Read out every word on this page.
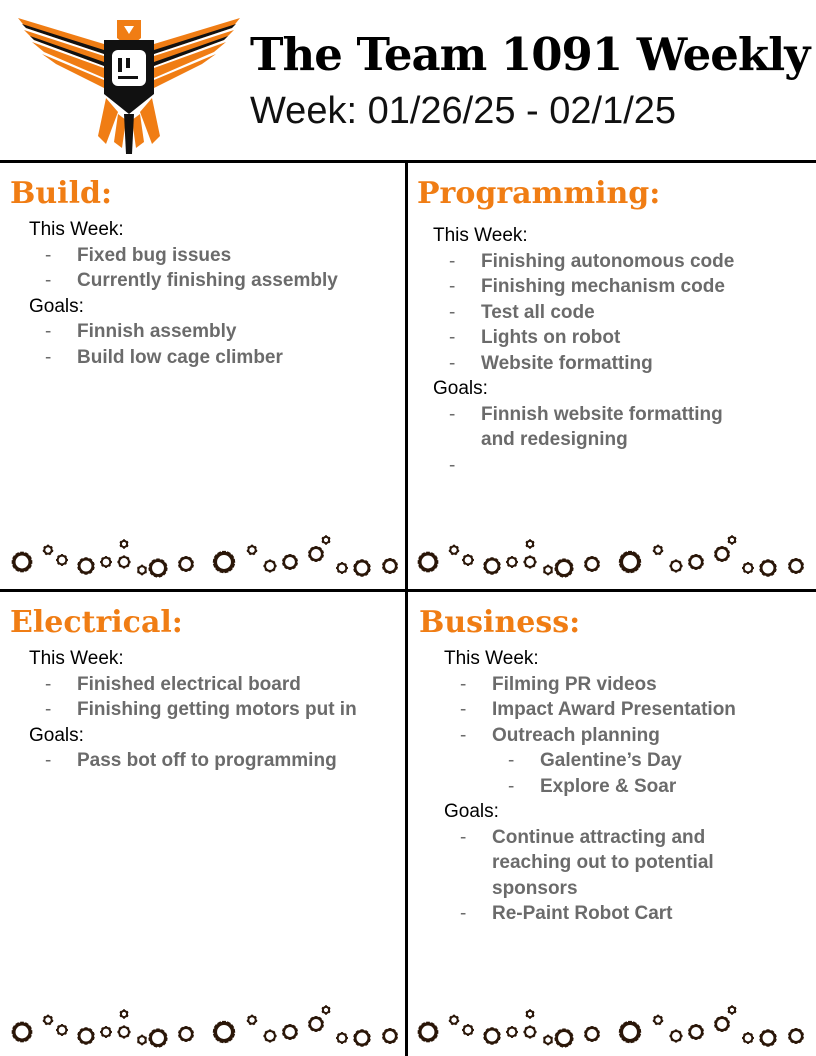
The Team 1091 Weekly
Week: 01/26/25 - 02/1/25
Build:

This Week:

- Fixed bug issues
- Currently finishing assembly

Goals:

- Finnish assembly
- Build low cage climber
Programming:

This Week:

- Finishing autonomous code
- Finishing mechanism code
- Test all code
- Lights on robot
- Website formatting

Goals:

- Finnish website formatting and redesigning
-
Electrical:

This Week:

- Finished electrical board
- Finishing getting motors put in

Goals:

- Pass bot off to programming
Business:

This Week:

- Filming PR videos
- Impact Award Presentation
- Outreach planning
- Galentine’s Day
- Explore & Soar

Goals:

- Continue attracting and reaching out to potential sponsors
- Re-Paint Robot Cart
